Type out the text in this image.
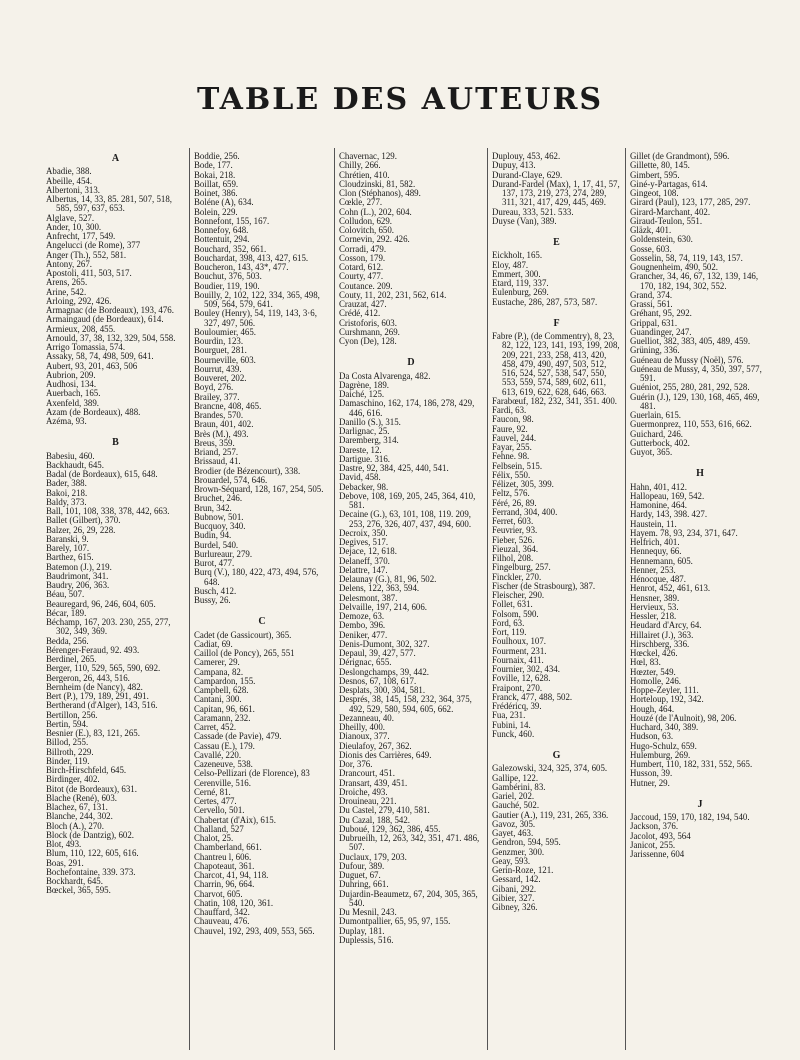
TABLE DES AUTEURS
A
Abadie, 388.
Abeille, 454.
Albertoni, 313.
Albertus, 14, 33, 85. 281, 507, 518, 585, 597, 637, 653.
Alglave, 527.
Ander, 10, 300.
Anfrecht, 177, 549.
Angelucci (de Rome), 377
Anger (Th.), 552, 581.
Antony, 267.
Apostoli, 411, 503, 517.
Arens, 265.
Arine, 542.
Arloing, 292, 426.
Armagnac (de Bordeaux), 193, 476.
Armaingaud (de Bordeaux), 614.
Armieux, 208, 455.
Arnould, 37, 38, 132, 329, 504, 558.
Arrigo Tomassia, 574.
Assaky, 58, 74, 498, 509, 641.
Aubert, 93, 201, 463, 506
Aubrion, 209.
Audhosi, 134.
Auerbach, 165.
Axenfeld, 389.
Azam (de Bordeaux), 488.
Azéma, 93.
B
Babesiu, 460.
Backhaudt, 645.
Badal (de Bordeaux), 615, 648.
Bader, 388.
Bakoi, 218.
Baldy, 373.
Ball, 101, 108, 338, 378, 442, 663.
Ballet (Gilbert), 370.
Balzer, 26, 29, 228.
Baranski, 9.
Barely, 107.
Barthez, 615.
Batemon (J.), 219.
Baudrimont, 341.
Baudry, 206, 363.
Béau, 507.
Beauregard, 96, 246, 604, 605.
Bécar, 189.
Béchamp, 167, 203. 230, 255, 277, 302, 349, 369.
Bedda, 256.
Bérenger-Feraud, 92. 493.
Berdinel, 265.
Berger, 110, 529, 565, 590, 692.
Bergeron, 26, 443, 516.
Bernheim (de Nancy), 482.
Bert (P.), 179, 189, 291, 491.
Bertherand (d'Alger), 143, 516.
Bertillon, 256.
Bertin, 594.
Besnier (E.), 83, 121, 265.
Billod, 255.
Billroth, 229.
Binder, 119.
Birch-Hirschfeld, 645.
Birdinger, 402.
Bitot (de Bordeaux), 631.
Blache (René), 603.
Blachez, 67, 131.
Blanche, 244, 302.
Bloch (A.), 270.
Block (de Dantzig), 602.
Blot, 493.
Blum, 110, 122, 605, 616.
Boas, 291.
Bochefontaine, 339. 373.
Bockhardt, 645.
Bœckel, 365, 595.
Boddie, 256.
Bode, 177.
Bokai, 218.
Boillat, 659.
Boinet, 386.
Boléne (A), 634.
Bolein, 229.
Bonnefont, 155, 167.
Bonnefoy, 648.
Bottentuit, 294.
Bouchard, 352, 661.
Bouchardat, 398, 413, 427, 615.
Boucheron, 143, 43*, 477.
Bouchut, 376, 503.
Boudier, 119, 190.
Bouilly, 2, 102, 122, 334, 365, 498, 509, 564, 579, 641.
Bouley (Henry), 54, 119, 143, 3·6, 327, 497, 506.
Bouloumier, 465.
Bourdin, 123.
Bourguet, 281.
Bourneville, 603.
Bourrut, 439.
Bouveret, 202.
Boyd, 276.
Brailey, 377.
Brancne, 408, 465.
Brandes, 570.
Braun, 401, 402.
Brès (M.), 493.
Breus, 359.
Briand, 257.
Brissaud, 41.
Brodier (de Bézencourt), 338.
Brouardel, 574, 646.
Brown-Séquard, 128, 167, 254, 505.
Bruchet, 246.
Brun, 342.
Bubnow, 501.
Bucquoy, 340.
Budin, 94.
Burdel, 540.
Burlureaur, 279.
Burot, 477.
Burq (V.), 180, 422, 473, 494, 576, 648.
Busch, 412.
Bussy, 26.
C
Cadet (de Gassicourt), 365.
Cadiat, 69.
Caillol (de Poncy), 265, 551
Camerer, 29.
Campana, 82.
Campardon, 155.
Campbell, 628.
Cantani, 300.
Capitan, 96, 661.
Caramann, 232.
Carret, 452.
Cassade (de Pavie), 479.
Cassau (E.), 179.
Cavallé, 220.
Cazeneuve, 538.
Celso-Pellizari (de Florence), 83
Cerenville, 516.
Cerné, 81.
Certes, 477.
Cervello, 501.
Chabertat (d'Aix), 615.
Challand, 527
Chalot, 25.
Chamberland, 661.
Chantreu l, 606.
Chapoteaut, 361.
Charcot, 41, 94, 118.
Charrin, 96, 664.
Charvot, 605.
Chatin, 108, 120, 361.
Chauffard, 342.
Chauveau, 476.
Chauvel, 192, 293, 409, 553, 565.
Chavernac, 129.
Chilly, 266.
Chrétien, 410.
Cloudzinski, 81, 582.
Clon (Stéphanos), 489.
Cœkle, 277.
Cohn (L.), 202, 604.
Colludon, 629.
Colovitch, 650.
Cornevin, 292. 426.
Corradi, 479.
Cosson, 179.
Cotard, 612.
Courty, 477.
Coutance. 209.
Couty, 11, 202, 231, 562, 614.
Crauzat, 427.
Crédé, 412.
Cristoforis, 603.
Curshmann, 269.
Cyon (De), 128.
D
Da Costa Alvarenga, 482.
Dagrène, 189.
Daiché, 125.
Damaschino, 162, 174, 186, 278, 429, 446, 616.
Danillo (S.), 315.
Darlignac, 25.
Daremberg, 314.
Dareste, 12.
Dartigue. 316.
Dastre, 92, 384, 425, 440, 541.
David, 458.
Debacker, 98.
Debove, 108, 169, 205, 245, 364, 410, 581.
Decaine (G.), 63, 101, 108, 119. 209, 253, 276, 326, 407, 437, 494, 600.
Decroix, 350.
Degives, 517.
Dejace, 12, 618.
Delaneff, 370.
Delattre, 147.
Delaunay (G.), 81, 96, 502.
Delens, 122, 363, 594.
Delesmont, 387.
Delvaille, 197, 214, 606.
Demoze, 63.
Dembo, 396.
Deniker, 477.
Denis-Dumont, 302, 327.
Depaul, 39, 427, 577.
Dérignac, 655.
Deslongchamps, 39, 442.
Desnos, 67, 108, 617.
Desplats, 300, 304, 581.
Després, 38, 145, 158, 232, 364, 375, 492, 529, 580, 594, 605, 662.
Dezanneau, 40.
Dheilly, 400.
Dianoux, 377.
Dieulafoy, 267, 362.
Dionis des Carrières, 649.
Dor, 376.
Drancourt, 451.
Dransart, 439, 451.
Droiche, 493.
Drouineau, 221.
Du Castel, 279, 410, 581.
Du Cazal, 188, 542.
Duboué, 129, 362, 386, 455.
Dubrueilh, 12, 263, 342, 351, 471. 486, 507.
Duclaux, 179, 203.
Dufour, 389.
Duguet, 67.
Duhring, 661.
Dujardin-Beaumetz, 67, 204, 305, 365, 540.
Du Mesnil, 243.
Dumontpallier, 65, 95, 97, 155.
Duplay, 181.
Duplessis, 516.
Duplouy, 453, 462.
Dupuy, 413.
Durand-Claye, 629.
Durand-Fardel (Max), 1, 17, 41, 57, 137, 173, 219, 273, 274, 289, 311, 321, 417, 429, 445, 469.
Dureau, 333, 521. 533.
Duyse (Van), 389.
E
Eickholt, 165.
Eloy, 487.
Emmert, 300.
Etard, 119, 337.
Eulenburg, 269.
Eustache, 286, 287, 573, 587.
F
Fabre (P.), (de Commentry), 8, 23, 82, 122, 123, 141, 193, 199, 208, 209, 221, 233, 258, 413, 420, 458, 479, 490, 497, 503, 512, 516, 524, 527, 538, 547, 550, 553, 559, 574, 589, 602, 611, 613, 619, 622, 628, 646, 663.
Farabœuf, 182, 232, 341, 351. 400.
Fardi, 63.
Faucon, 98.
Faure, 92.
Fauvel, 244.
Fayar, 255.
Fehne. 98.
Felbsein, 515.
Félix, 550.
Félizet, 305, 399.
Feltz, 576.
Féré, 26, 89.
Ferrand, 304, 400.
Ferret, 603.
Feuvrier, 93.
Fieber, 526.
Fieuzal, 364.
Filhol, 208.
Fingelburg, 257.
Finckler, 270.
Fischer (de Strasbourg), 387.
Fleischer, 290.
Follet, 631.
Folsom, 590.
Ford, 63.
Fort, 119.
Foulhoux, 107.
Fourment, 231.
Fournaix, 411.
Fournier, 302, 434.
Foville, 12, 628.
Fraipont, 270.
Franck, 477, 488, 502.
Frédéricq, 39.
Fua, 231.
Fubini, 14.
Funck, 460.
G
Galezowski, 324, 325, 374, 605.
Gallipe, 122.
Gambérini, 83.
Gariel, 202.
Gauché, 502.
Gautier (A.), 119, 231, 265, 336.
Gavoz, 305.
Gayet, 463.
Gendron, 594, 595.
Genzmer, 300.
Geay, 593.
Gerin-Roze, 121.
Gessard, 142.
Gibani, 292.
Gibier, 327.
Gibney, 326.
Gillet (de Grandmont), 596.
Gillette, 80, 145.
Gimbert, 595.
Giné-y-Partagas, 614.
Gingeot, 108.
Girard (Paul), 123, 177, 285, 297.
Girard-Marchant, 402.
Giraud-Teulon, 551.
Gläzk, 401.
Goldenstein, 630.
Gosse, 603.
Gosselin, 58, 74, 119, 143, 157.
Gougnenheim, 490, 502.
Grancher, 34, 46, 67, 132, 139, 146, 170, 182, 194, 302, 552.
Grand, 374.
Grassi, 561.
Gréhant, 95, 292.
Grippal, 631.
Guandinger, 247.
Guelliot, 382, 383, 405, 489, 459.
Grüning, 336.
Guéneau de Mussy (Noël), 576.
Guéneau de Mussy, 4, 350, 397, 577, 591.
Guéniot, 255, 280, 281, 292, 528.
Guérin (J.), 129, 130, 168, 465, 469, 481.
Guerlain, 615.
Guermonprez, 110, 553, 616, 662.
Guichard, 246.
Gutterbock, 402.
Guyot, 365.
H
Hahn, 401, 412.
Hallopeau, 169, 542.
Hamonine, 464.
Hardy, 143, 398. 427.
Haustein, 11.
Hayem. 78, 93, 234, 371, 647.
Helfrich, 401.
Hennequy, 66.
Hennemann, 605.
Henner, 253.
Hénocque, 487.
Henrot, 452, 461, 613.
Hensner, 389.
Hervieux, 53.
Hessler, 218.
Heudard d'Arcy, 64.
Hillairet (J.), 363.
Hirschberg, 336.
Hœckel, 426.
Hœl, 83.
Hœzter, 549.
Homolle, 246.
Hoppe-Zeyler, 111.
Horteloup, 192, 342.
Hough, 464.
Houzé (de l'Aulnoit), 98, 206.
Huchard, 340, 389.
Hudson, 63.
Hugo-Schulz, 659.
Hulemburg, 269.
Humbert, 110, 182, 331, 552, 565.
Husson, 39.
Hutner, 29.
J
Jaccoud, 159, 170, 182, 194, 540.
Jackson, 376.
Jacolot, 493, 564
Janicot, 255.
Jarissenne, 604
